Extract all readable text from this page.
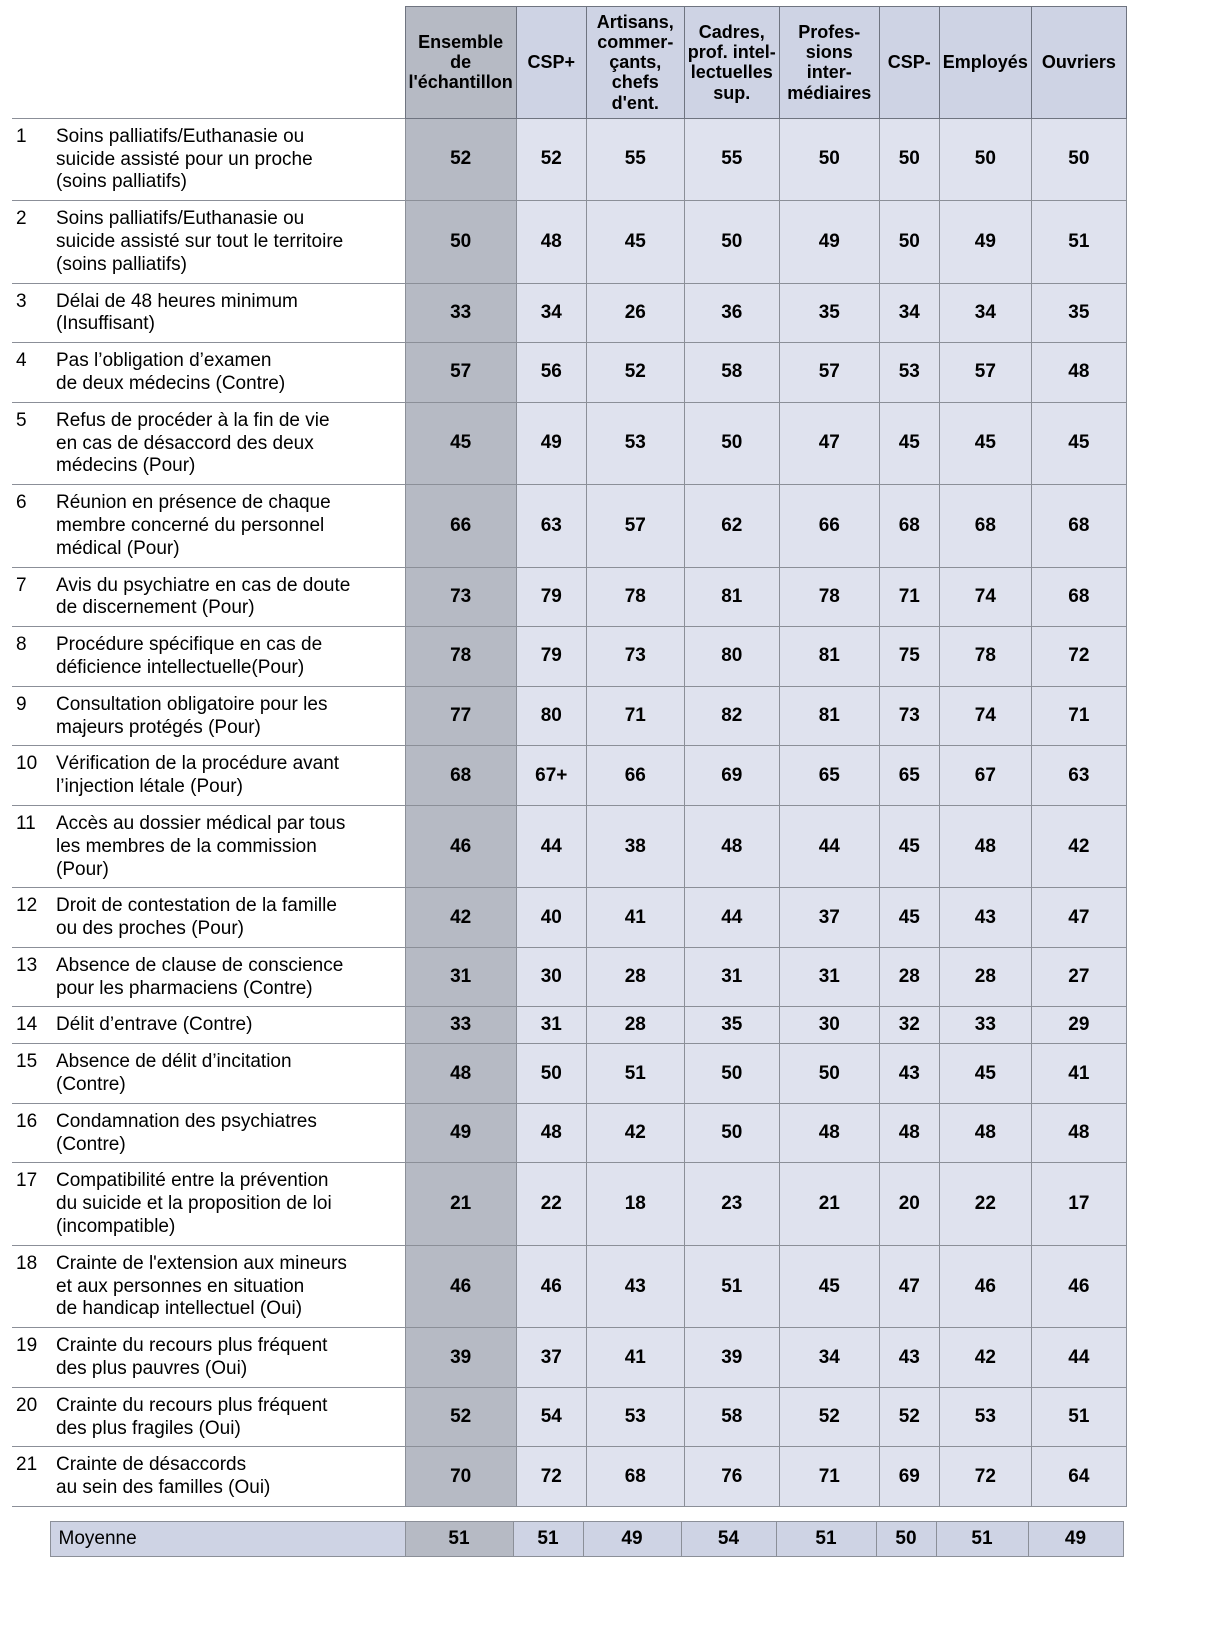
		Ensemble
de
l'échantillon	CSP+	Artisans,
commer-
çants,
chefs d'ent.	Cadres,
prof. intel-
lectuelles
sup.	Profes-
sions inter-
médiaires	CSP-	Employés	Ouvriers

1	Soins palliatifs/Euthanasie ou
suicide assisté pour un proche
(soins palliatifs)	52	52	55	55	50	50	50	50
2	Soins palliatifs/Euthanasie ou
suicide assisté sur tout le territoire
(soins palliatifs)	50	48	45	50	49	50	49	51
3	Délai de 48 heures minimum
(Insuffisant)	33	34	26	36	35	34	34	35
4	Pas l’obligation d’examen
de deux médecins (Contre)	57	56	52	58	57	53	57	48
5	Refus de procéder à la fin de vie
en cas de désaccord des deux
médecins (Pour)	45	49	53	50	47	45	45	45
6	Réunion en présence de chaque
membre concerné du personnel
médical (Pour)	66	63	57	62	66	68	68	68
7	Avis du psychiatre en cas de doute
de discernement (Pour)	73	79	78	81	78	71	74	68
8	Procédure spécifique en cas de
déficience intellectuelle(Pour)	78	79	73	80	81	75	78	72
9	Consultation obligatoire pour les
majeurs protégés (Pour)	77	80	71	82	81	73	74	71
10	Vérification de la procédure avant
l’injection létale (Pour)	68	67+	66	69	65	65	67	63
11	Accès au dossier médical par tous
les membres de la commission
(Pour)	46	44	38	48	44	45	48	42
12	Droit de contestation de la famille
ou des proches (Pour)	42	40	41	44	37	45	43	47
13	Absence de clause de conscience
pour les pharmaciens (Contre)	31	30	28	31	31	28	28	27
14	Délit d’entrave (Contre)	33	31	28	35	30	32	33	29
15	Absence de délit d’incitation
(Contre)	48	50	51	50	50	43	45	41
16	Condamnation des psychiatres
(Contre)	49	48	42	50	48	48	48	48
17	Compatibilité entre la prévention
du suicide et la proposition de loi
(incompatible)	21	22	18	23	21	20	22	17
18	Crainte de l'extension aux mineurs
et aux personnes en situation
de handicap intellectuel (Oui)	46	46	43	51	45	47	46	46
19	Crainte du recours plus fréquent
des plus pauvres (Oui)	39	37	41	39	34	43	42	44
20	Crainte du recours plus fréquent
des plus fragiles (Oui)	52	54	53	58	52	52	53	51
21	Crainte de désaccords
au sein des familles (Oui)	70	72	68	76	71	69	72	64
	Moyenne	51	51	49	54	51	50	51	49
